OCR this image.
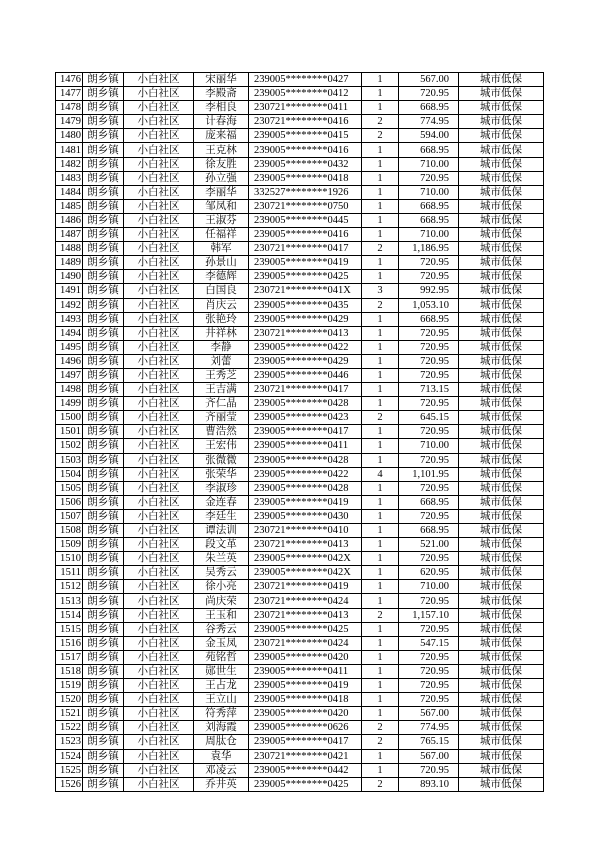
1476	朗乡镇	小白社区	宋丽华	239005********0427	1	567.00	城市低保
1477	朗乡镇	小白社区	李殿斋	239005********0412	1	720.95	城市低保
1478	朗乡镇	小白社区	李相良	230721********0411	1	668.95	城市低保
1479	朗乡镇	小白社区	计春海	230721********0416	2	774.95	城市低保
1480	朗乡镇	小白社区	庞来福	239005********0415	2	594.00	城市低保
1481	朗乡镇	小白社区	王克林	239005********0416	1	668.95	城市低保
1482	朗乡镇	小白社区	徐友胜	239005********0432	1	710.00	城市低保
1483	朗乡镇	小白社区	孙立强	239005********0418	1	720.95	城市低保
1484	朗乡镇	小白社区	李丽华	332527********1926	1	710.00	城市低保
1485	朗乡镇	小白社区	邹凤和	230721********0750	1	668.95	城市低保
1486	朗乡镇	小白社区	王淑芬	239005********0445	1	668.95	城市低保
1487	朗乡镇	小白社区	任福祥	239005********0416	1	710.00	城市低保
1488	朗乡镇	小白社区	韩军	230721********0417	2	1,186.95	城市低保
1489	朗乡镇	小白社区	孙景山	239005********0419	1	720.95	城市低保
1490	朗乡镇	小白社区	李德辉	239005********0425	1	720.95	城市低保
1491	朗乡镇	小白社区	白国良	230721********041X	3	992.95	城市低保
1492	朗乡镇	小白社区	肖庆云	239005********0435	2	1,053.10	城市低保
1493	朗乡镇	小白社区	张艳玲	239005********0429	1	668.95	城市低保
1494	朗乡镇	小白社区	井祥林	230721********0413	1	720.95	城市低保
1495	朗乡镇	小白社区	李静	239005********0422	1	720.95	城市低保
1496	朗乡镇	小白社区	刘蕾	239005********0429	1	720.95	城市低保
1497	朗乡镇	小白社区	王秀芝	239005********0446	1	720.95	城市低保
1498	朗乡镇	小白社区	王吉满	230721********0417	1	713.15	城市低保
1499	朗乡镇	小白社区	齐仁晶	239005********0428	1	720.95	城市低保
1500	朗乡镇	小白社区	齐丽莹	239005********0423	2	645.15	城市低保
1501	朗乡镇	小白社区	曹浩然	239005********0417	1	720.95	城市低保
1502	朗乡镇	小白社区	王宏伟	239005********0411	1	710.00	城市低保
1503	朗乡镇	小白社区	张微微	239005********0428	1	720.95	城市低保
1504	朗乡镇	小白社区	张荣华	239005********0422	4	1,101.95	城市低保
1505	朗乡镇	小白社区	李淑珍	239005********0428	1	720.95	城市低保
1506	朗乡镇	小白社区	金连春	239005********0419	1	668.95	城市低保
1507	朗乡镇	小白社区	李廷生	239005********0430	1	720.95	城市低保
1508	朗乡镇	小白社区	谭法训	230721********0410	1	668.95	城市低保
1509	朗乡镇	小白社区	段文革	230721********0413	1	521.00	城市低保
1510	朗乡镇	小白社区	朱兰英	239005********042X	1	720.95	城市低保
1511	朗乡镇	小白社区	吴秀云	239005********042X	1	620.95	城市低保
1512	朗乡镇	小白社区	徐小亮	230721********0419	1	710.00	城市低保
1513	朗乡镇	小白社区	尚庆荣	230721********0424	1	720.95	城市低保
1514	朗乡镇	小白社区	王玉和	230721********0413	2	1,157.10	城市低保
1515	朗乡镇	小白社区	谷秀云	239005********0425	1	720.95	城市低保
1516	朗乡镇	小白社区	金玉凤	230721********0424	1	547.15	城市低保
1517	朗乡镇	小白社区	苑铭哲	239005********0420	1	720.95	城市低保
1518	朗乡镇	小白社区	郧世生	239005********0411	1	720.95	城市低保
1519	朗乡镇	小白社区	王占龙	239005********0419	1	720.95	城市低保
1520	朗乡镇	小白社区	王立山	239005********0418	1	720.95	城市低保
1521	朗乡镇	小白社区	符秀萍	239005********0420	1	567.00	城市低保
1522	朗乡镇	小白社区	刘海霞	239005********0626	2	774.95	城市低保
1523	朗乡镇	小白社区	周肽仓	239005********0417	2	765.15	城市低保
1524	朗乡镇	小白社区	袁华	230721********0421	1	567.00	城市低保
1525	朗乡镇	小白社区	邓凌云	239005********0442	1	720.95	城市低保
1526	朗乡镇	小白社区	乔井英	239005********0425	2	893.10	城市低保
